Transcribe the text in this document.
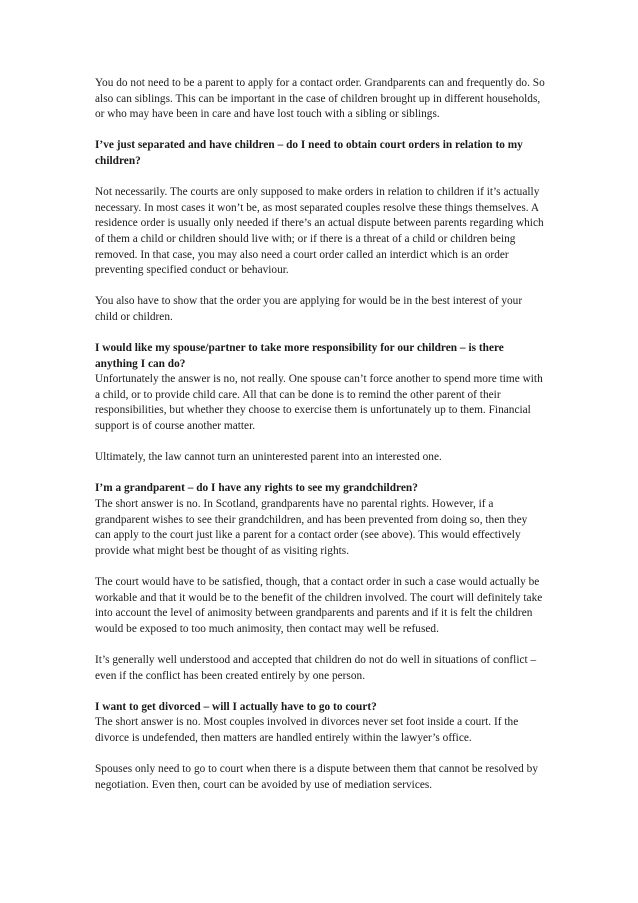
You do not need to be a parent to apply for a contact order. Grandparents can and frequently do. So also can siblings. This can be important in the case of children brought up in different households, or who may have been in care and have lost touch with a sibling or siblings.

I’ve just separated and have children – do I need to obtain court orders in relation to my children?

Not necessarily. The courts are only supposed to make orders in relation to children if it’s actually necessary. In most cases it won’t be, as most separated couples resolve these things themselves. A residence order is usually only needed if there’s an actual dispute between parents regarding which of them a child or children should live with; or if there is a threat of a child or children being removed. In that case, you may also need a court order called an interdict which is an order preventing specified conduct or behaviour.

You also have to show that the order you are applying for would be in the best interest of your child or children.

I would like my spouse/partner to take more responsibility for our children – is there anything I can do?

Unfortunately the answer is no, not really. One spouse can’t force another to spend more time with a child, or to provide child care. All that can be done is to remind the other parent of their responsibilities, but whether they choose to exercise them is unfortunately up to them. Financial support is of course another matter.

Ultimately, the law cannot turn an uninterested parent into an interested one.

I’m a grandparent – do I have any rights to see my grandchildren?

The short answer is no. In Scotland, grandparents have no parental rights. However, if a grandparent wishes to see their grandchildren, and has been prevented from doing so, then they can apply to the court just like a parent for a contact order (see above). This would effectively provide what might best be thought of as visiting rights.

The court would have to be satisfied, though, that a contact order in such a case would actually be workable and that it would be to the benefit of the children involved. The court will definitely take into account the level of animosity between grandparents and parents and if it is felt the children would be exposed to too much animosity, then contact may well be refused.

It’s generally well understood and accepted that children do not do well in situations of conflict – even if the conflict has been created entirely by one person.

I want to get divorced – will I actually have to go to court?

The short answer is no. Most couples involved in divorces never set foot inside a court. If the divorce is undefended, then matters are handled entirely within the lawyer’s office.

Spouses only need to go to court when there is a dispute between them that cannot be resolved by negotiation. Even then, court can be avoided by use of mediation services.
